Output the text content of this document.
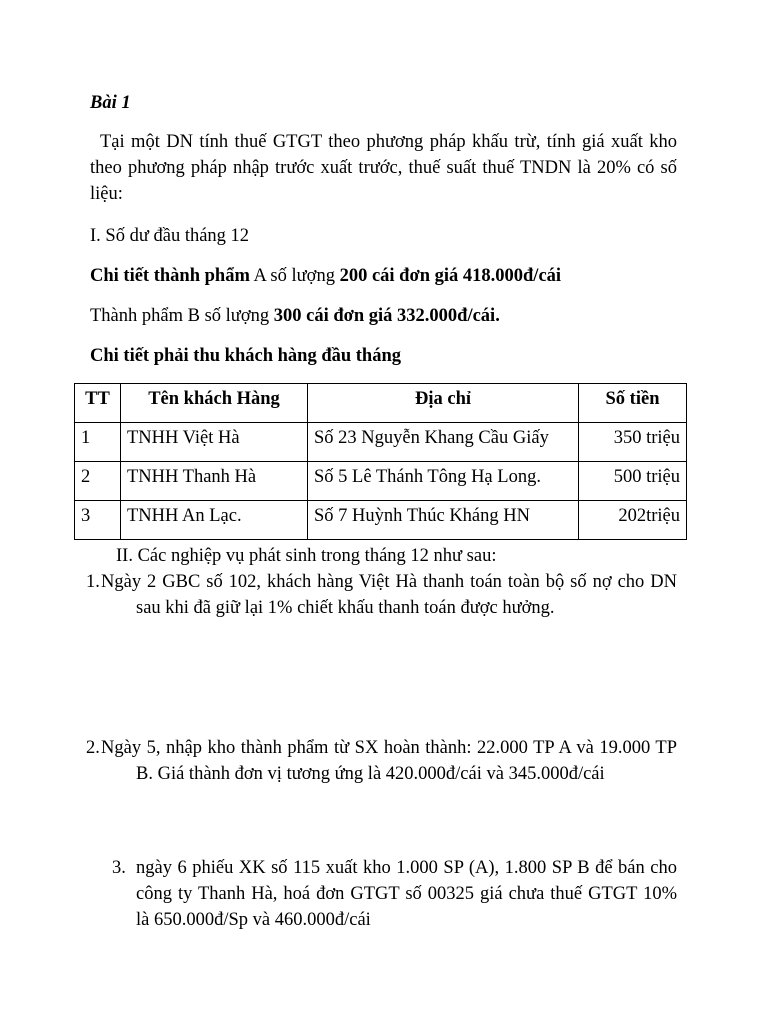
Bài 1
Tại một DN tính thuế GTGT theo phương pháp khấu trừ, tính giá xuất kho theo phương pháp nhập trước xuất trước, thuế suất thuế TNDN là 20% có số liệu:
I. Số dư đầu tháng 12
Chi tiết thành phẩm A số lượng 200 cái đơn giá 418.000đ/cái
Thành phẩm B số lượng 300 cái đơn giá 332.000đ/cái.
Chi tiết phải thu khách hàng đầu tháng
TT	Tên khách Hàng	Địa chỉ	Số tiền
1	TNHH Việt Hà	Số 23 Nguyễn Khang Cầu Giấy	350 triệu
2	TNHH Thanh Hà	Số 5 Lê Thánh Tông Hạ Long.	500 triệu
3	TNHH An Lạc.	Số 7 Huỳnh Thúc Kháng HN	202triệu
II. Các nghiệp vụ phát sinh trong tháng 12 như sau:
1. Ngày 2 GBC số 102, khách hàng Việt Hà thanh toán toàn bộ số nợ cho DN sau khi đã giữ lại 1% chiết khấu thanh toán được hưởng.
2. Ngày 5, nhập kho thành phẩm từ SX hoàn thành: 22.000 TP A và 19.000 TP B. Giá thành đơn vị tương ứng là 420.000đ/cái và 345.000đ/cái
3. ngày 6 phiếu XK số 115 xuất kho 1.000 SP (A), 1.800 SP B để bán cho công ty Thanh Hà, hoá đơn GTGT số 00325 giá chưa thuế GTGT 10% là 650.000đ/Sp và 460.000đ/cái
